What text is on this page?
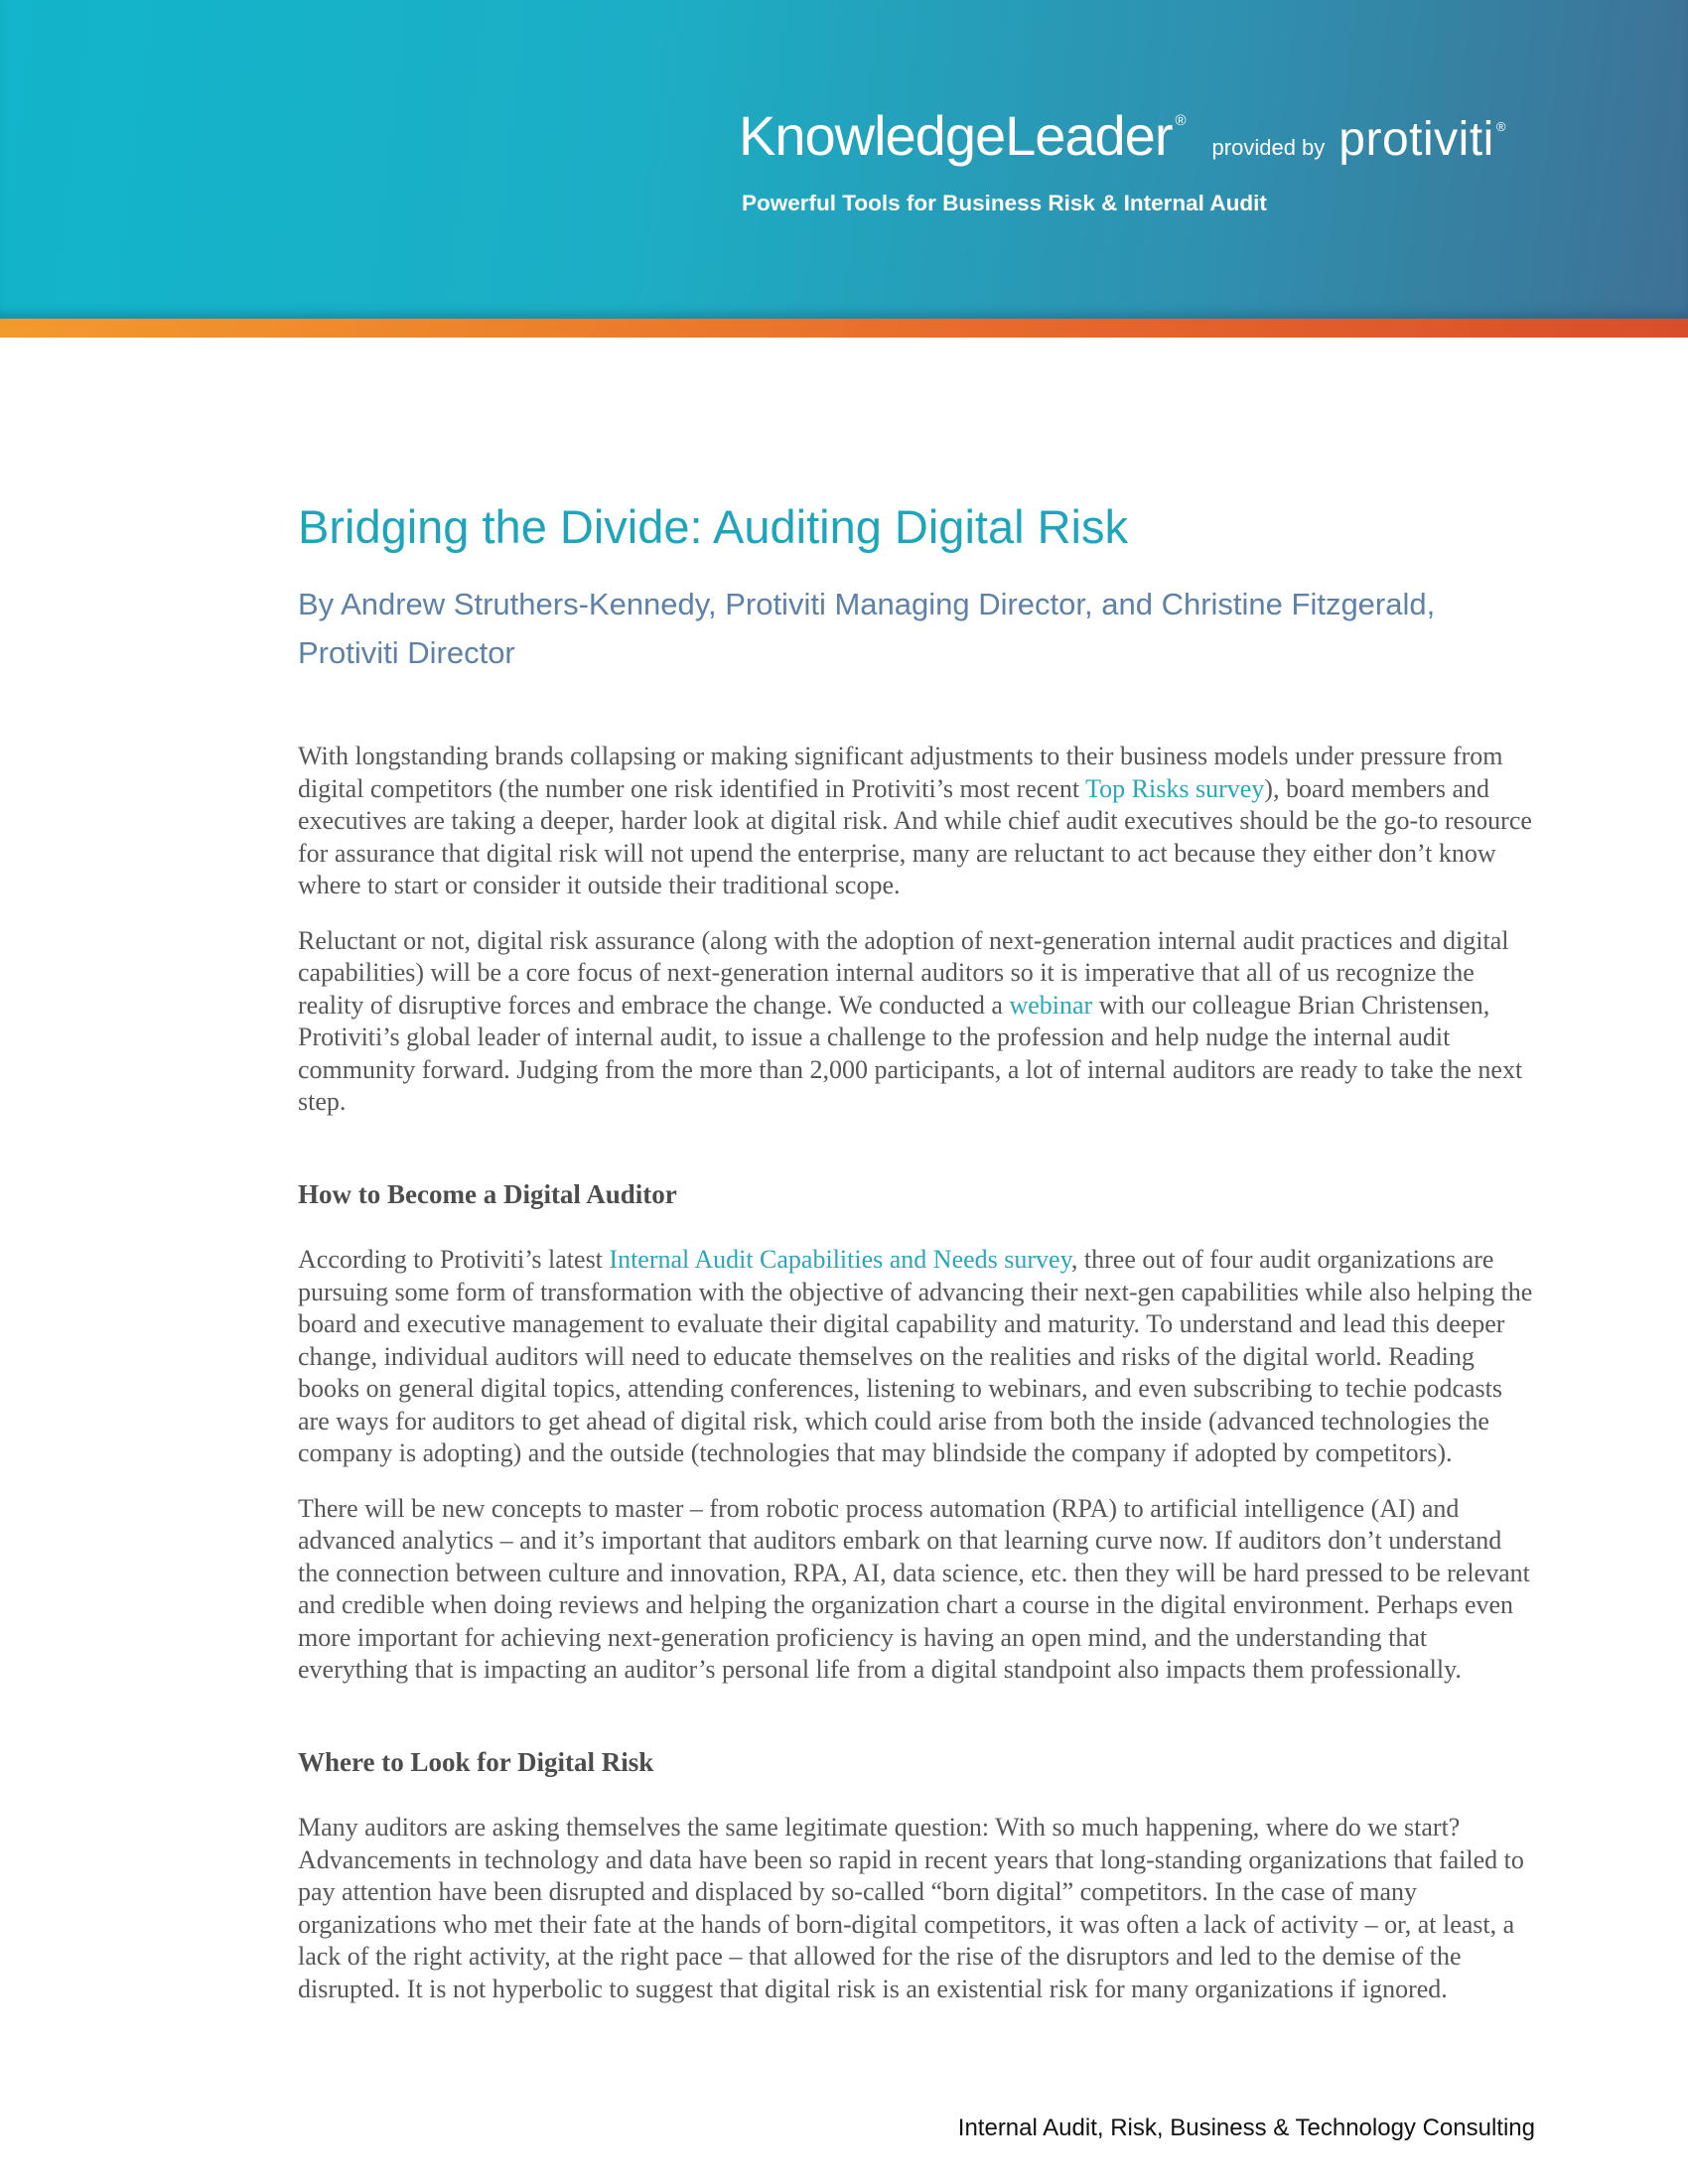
KnowledgeLeader ®
provided by protiviti ®
Powerful Tools for Business Risk & Internal Audit
Bridging the Divide: Auditing Digital Risk

By Andrew Struthers-Kennedy, Protiviti Managing Director, and Christine Fitzgerald, Protiviti Director

With longstanding brands collapsing or making significant adjustments to their business models under pressure from digital competitors (the number one risk identified in Protiviti’s most recent Top Risks survey), board members and executives are taking a deeper, harder look at digital risk. And while chief audit executives should be the go-to resource for assurance that digital risk will not upend the enterprise, many are reluctant to act because they either don’t know where to start or consider it outside their traditional scope.

Reluctant or not, digital risk assurance (along with the adoption of next-generation internal audit practices and digital capabilities) will be a core focus of next-generation internal auditors so it is imperative that all of us recognize the reality of disruptive forces and embrace the change. We conducted a webinar with our colleague Brian Christensen, Protiviti’s global leader of internal audit, to issue a challenge to the profession and help nudge the internal audit community forward. Judging from the more than 2,000 participants, a lot of internal auditors are ready to take the next step.

How to Become a Digital Auditor

According to Protiviti’s latest Internal Audit Capabilities and Needs survey, three out of four audit organizations are pursuing some form of transformation with the objective of advancing their next-gen capabilities while also helping the board and executive management to evaluate their digital capability and maturity. To understand and lead this deeper change, individual auditors will need to educate themselves on the realities and risks of the digital world. Reading books on general digital topics, attending conferences, listening to webinars, and even subscribing to techie podcasts are ways for auditors to get ahead of digital risk, which could arise from both the inside (advanced technologies the company is adopting) and the outside (technologies that may blindside the company if adopted by competitors).

There will be new concepts to master – from robotic process automation (RPA) to artificial intelligence (AI) and advanced analytics – and it’s important that auditors embark on that learning curve now. If auditors don’t understand the connection between culture and innovation, RPA, AI, data science, etc. then they will be hard pressed to be relevant and credible when doing reviews and helping the organization chart a course in the digital environment. Perhaps even more important for achieving next-generation proficiency is having an open mind, and the understanding that everything that is impacting an auditor’s personal life from a digital standpoint also impacts them professionally.

Where to Look for Digital Risk

Many auditors are asking themselves the same legitimate question: With so much happening, where do we start? Advancements in technology and data have been so rapid in recent years that long-standing organizations that failed to pay attention have been disrupted and displaced by so-called “born digital” competitors. In the case of many organizations who met their fate at the hands of born-digital competitors, it was often a lack of activity – or, at least, a lack of the right activity, at the right pace – that allowed for the rise of the disruptors and led to the demise of the disrupted. It is not hyperbolic to suggest that digital risk is an existential risk for many organizations if ignored.

Internal Audit, Risk, Business & Technology Consulting
